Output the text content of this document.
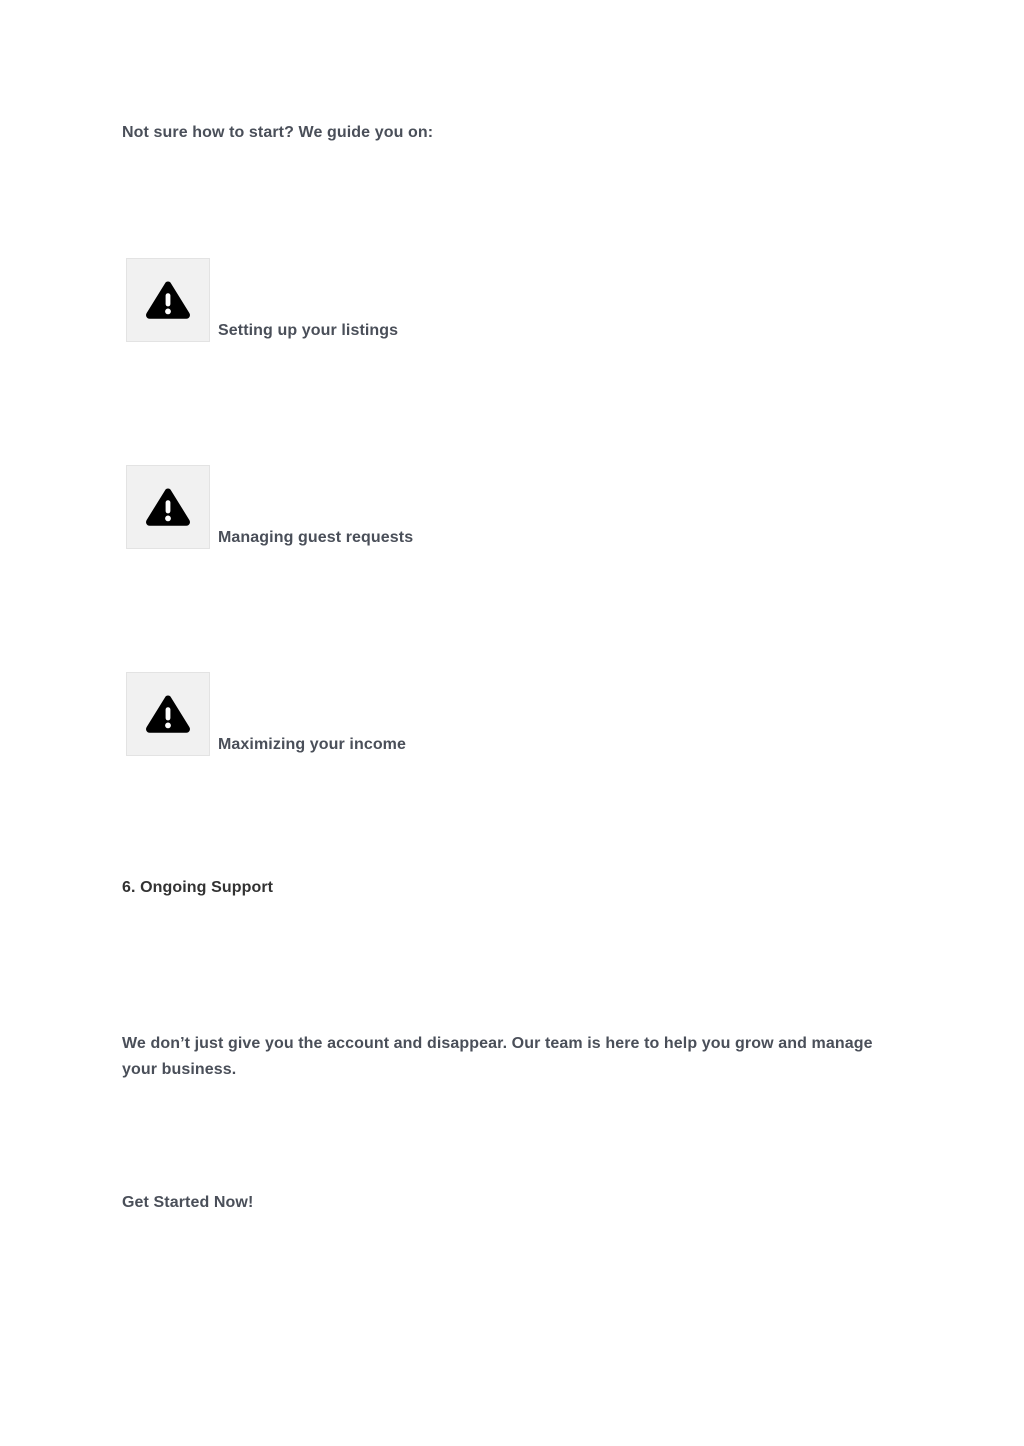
Not sure how to start? We guide you on:
Setting up your listings
Managing guest requests
Maximizing your income
6. Ongoing Support
We don’t just give you the account and disappear. Our team is here to help you grow and manage your business.
Get Started Now!
